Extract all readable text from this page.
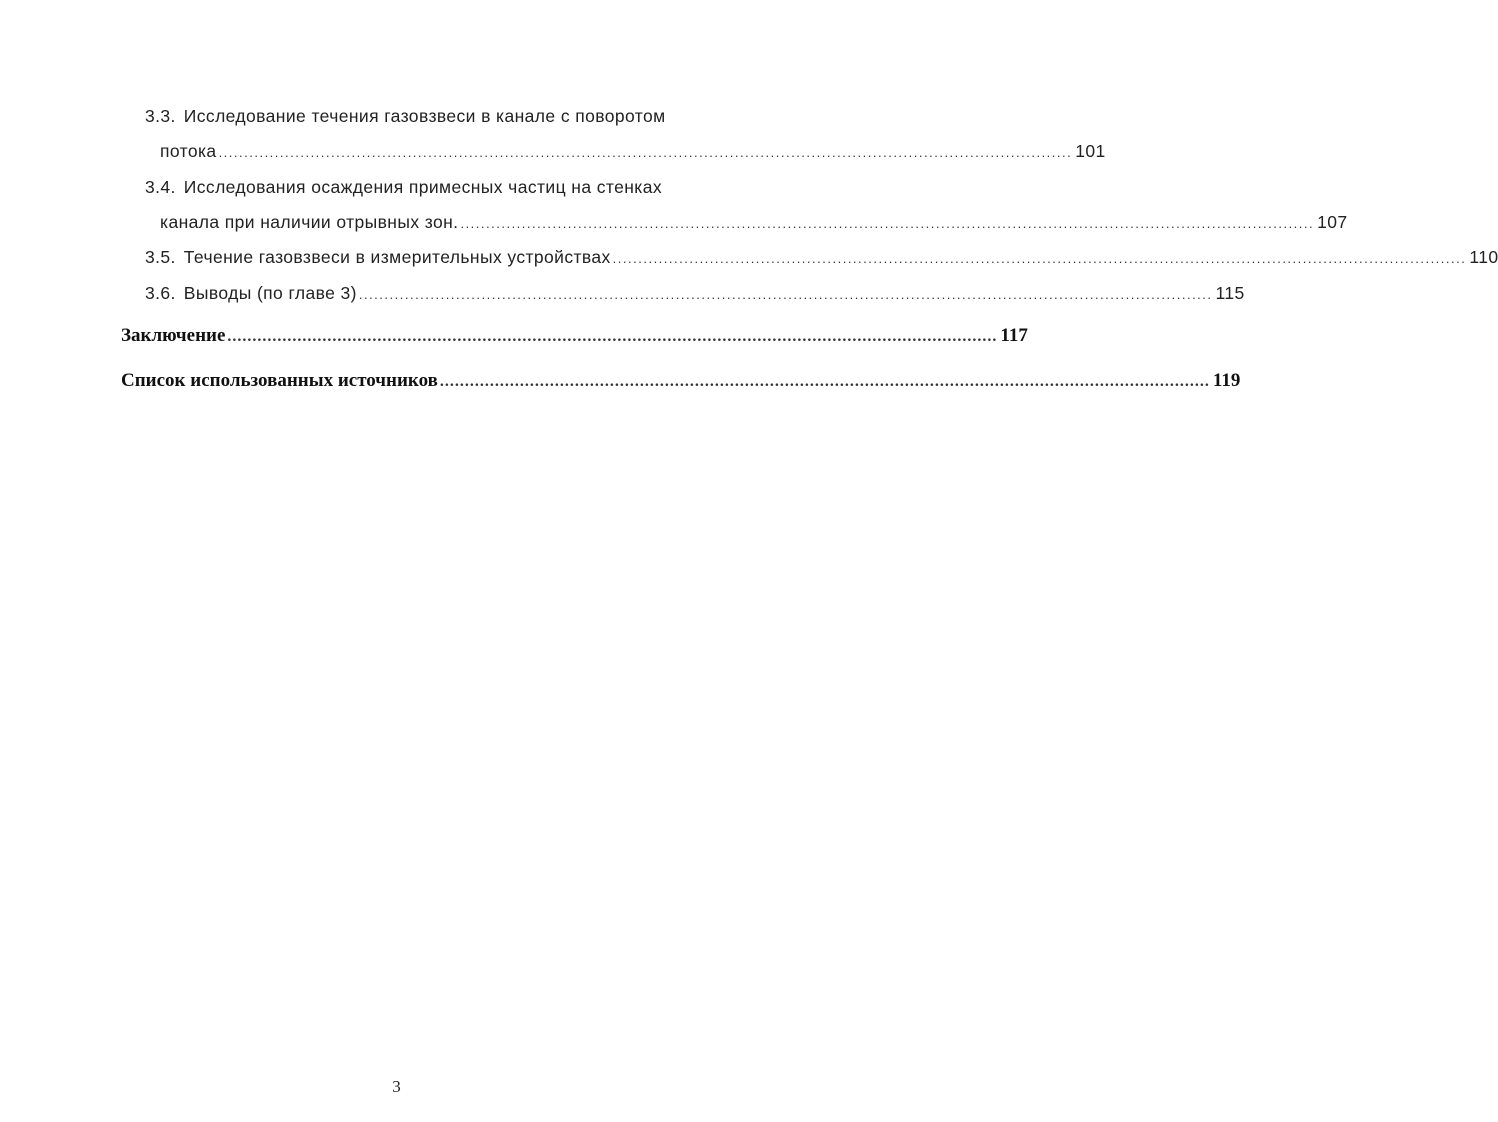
3.3. Исследование течения газовзвеси в канале с поворотом
потока ....................................................................................................................................................................... 101
3.4. Исследования осаждения примесных частиц на стенках
канала при наличии отрывных зон. ....................................................................................................................................................................... 107
3.5. Течение газовзвеси в измерительных устройствах ....................................................................................................................................................................... 110
3.6. Выводы (по главе 3) ....................................................................................................................................................................... 115
Заключение .......................................................................................................................................................... 117
Список использованных источников .......................................................................................................................................................... 119
3
